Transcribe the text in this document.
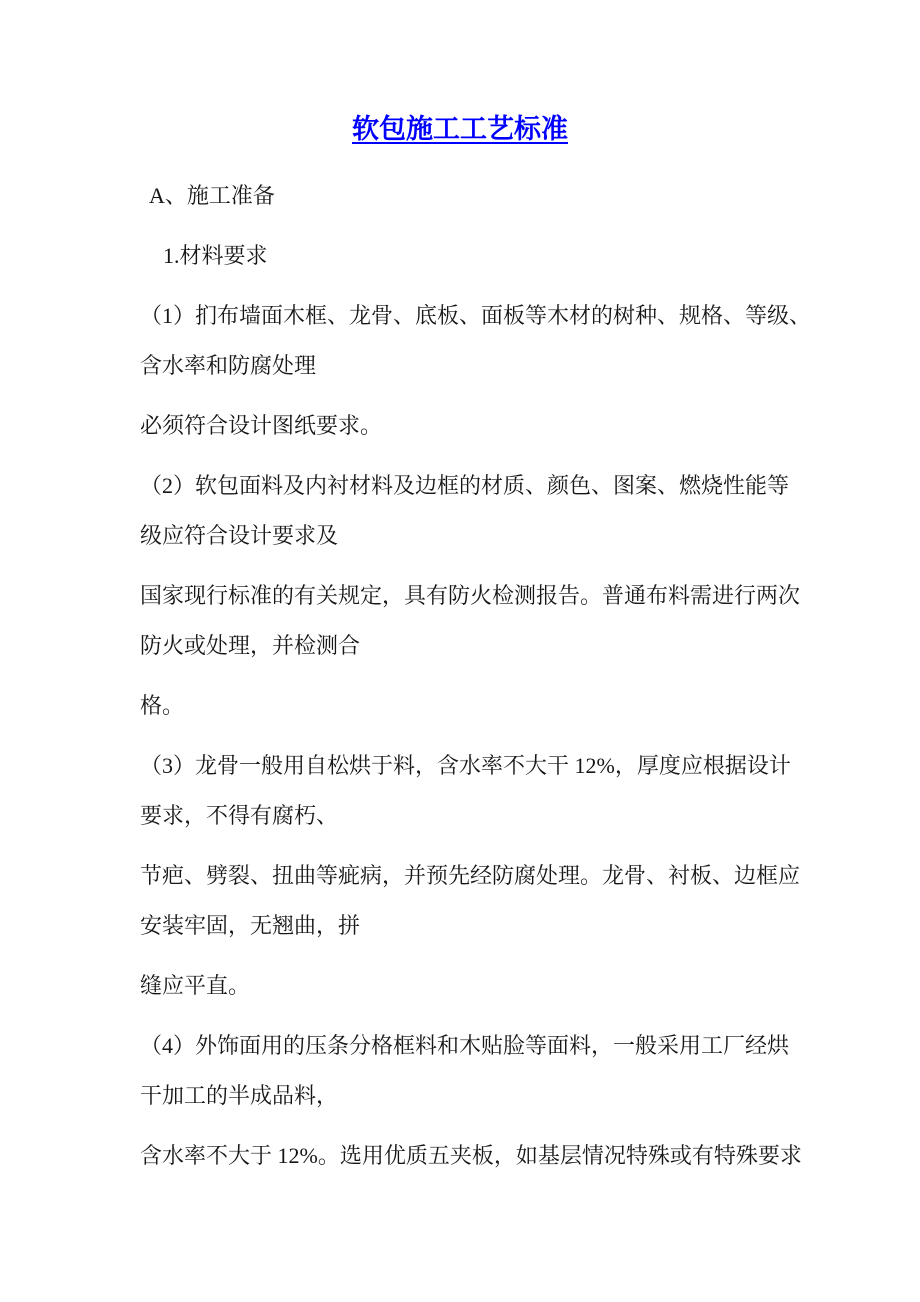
软包施工工艺标准
A、施工准备
1.材料要求
（1）扪布墙面木框、龙骨、底板、面板等木材的树种、规格、等级、
含水率和防腐处理
必须符合设计图纸要求。
（2）软包面料及内衬材料及边框的材质、颜色、图案、燃烧性能等
级应符合设计要求及
国家现行标准的有关规定，具有防火检测报告。普通布料需进行两次
防火或处理，并检测合
格。
（3）龙骨一般用自松烘于料，含水率不大干 12%，厚度应根据设计
要求，不得有腐朽、
节疤、劈裂、扭曲等疵病，并预先经防腐处理。龙骨、衬板、边框应
安装牢固，无翘曲，拼
缝应平直。
（4）外饰面用的压条分格框料和木贴脸等面料，一般采用工厂经烘
干加工的半成品料，
含水率不大于 12%。选用优质五夹板，如基层情况特殊或有特殊要求
